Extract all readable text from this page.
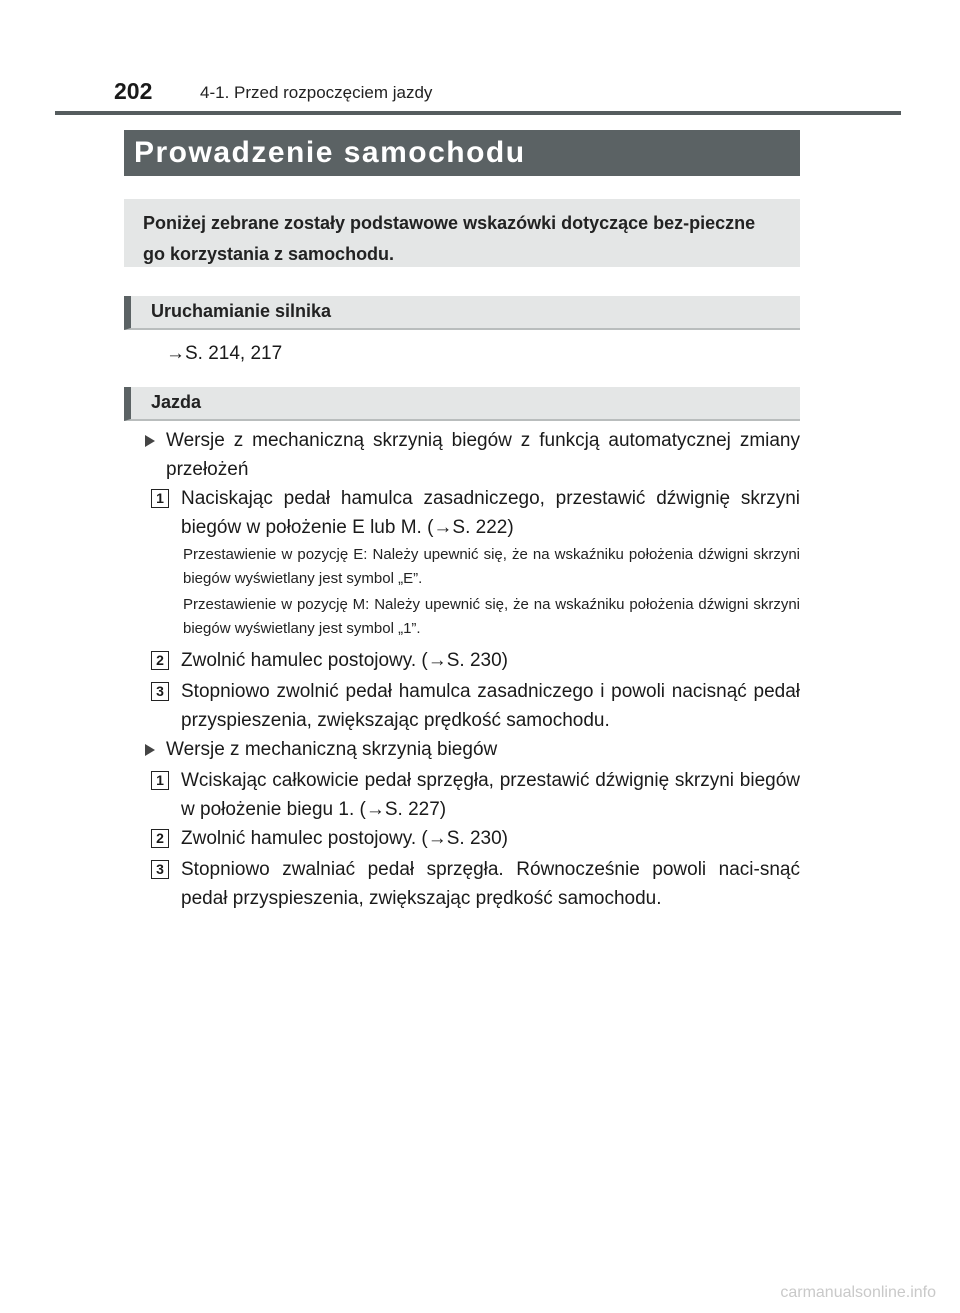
202	4-1. Przed rozpoczęciem jazdy
Prowadzenie samochodu
Poniżej zebrane zostały podstawowe wskazówki dotyczące bez-pieczne go korzystania z samochodu.
Uruchamianie silnika
→S. 214, 217
Jazda
Wersje z mechaniczną skrzynią biegów z funkcją automatycznej zmiany przełożeń
1 Naciskając pedał hamulca zasadniczego, przestawić dźwignię skrzyni biegów w położenie E lub M. (→S. 222)
Przestawienie w pozycję E: Należy upewnić się, że na wskaźniku położenia dźwigni skrzyni biegów wyświetlany jest symbol „E”.
Przestawienie w pozycję M: Należy upewnić się, że na wskaźniku położenia dźwigni skrzyni biegów wyświetlany jest symbol „1”.
2 Zwolnić hamulec postojowy. (→S. 230)
3 Stopniowo zwolnić pedał hamulca zasadniczego i powoli nacisnąć pedał przyspieszenia, zwiększając prędkość samochodu.
Wersje z mechaniczną skrzynią biegów
1 Wciskając całkowicie pedał sprzęgła, przestawić dźwignię skrzyni biegów w położenie biegu 1. (→S. 227)
2 Zwolnić hamulec postojowy. (→S. 230)
3 Stopniowo zwalniać pedał sprzęgła. Równocześnie powoli naci-snąć pedał przyspieszenia, zwiększając prędkość samochodu.
carmanualsonline.info
